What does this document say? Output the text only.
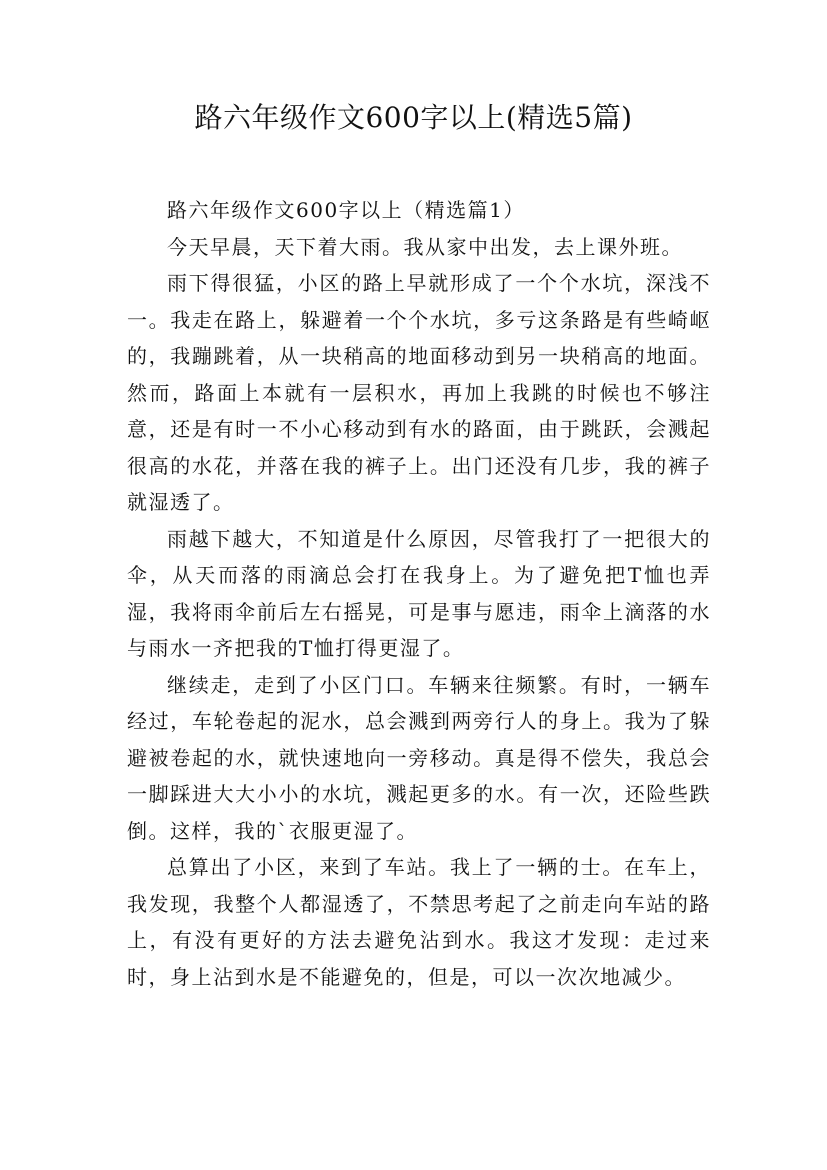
路六年级作文600字以上(精选5篇)

路六年级作文600字以上（精选篇1）

今天早晨，天下着大雨。我从家中出发，去上课外班。

雨下得很猛，小区的路上早就形成了一个个水坑，深浅不一。我走在路上，躲避着一个个水坑，多亏这条路是有些崎岖的，我蹦跳着，从一块稍高的地面移动到另一块稍高的地面。然而，路面上本就有一层积水，再加上我跳的时候也不够注意，还是有时一不小心移动到有水的路面，由于跳跃，会溅起很高的水花，并落在我的裤子上。出门还没有几步，我的裤子就湿透了。

雨越下越大，不知道是什么原因，尽管我打了一把很大的伞，从天而落的雨滴总会打在我身上。为了避免把T恤也弄湿，我将雨伞前后左右摇晃，可是事与愿违，雨伞上滴落的水与雨水一齐把我的T恤打得更湿了。

继续走，走到了小区门口。车辆来往频繁。有时，一辆车经过，车轮卷起的泥水，总会溅到两旁行人的身上。我为了躲避被卷起的水，就快速地向一旁移动。真是得不偿失，我总会一脚踩进大大小小的水坑，溅起更多的水。有一次，还险些跌倒。这样，我的`衣服更湿了。

总算出了小区，来到了车站。我上了一辆的士。在车上，我发现，我整个人都湿透了，不禁思考起了之前走向车站的路上，有没有更好的方法去避免沾到水。我这才发现：走过来时，身上沾到水是不能避免的，但是，可以一次次地减少。
